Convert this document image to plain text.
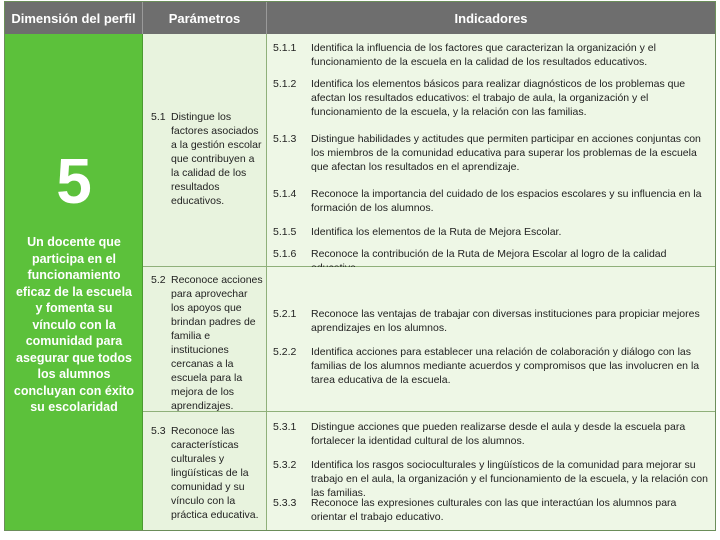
Dimensión del perfil	Parámetros	Indicadores
5
Un docente que participa en el funcionamiento eficaz de la escuela y fomenta su vínculo con la comunidad para asegurar que todos los alumnos concluyan con éxito su escolaridad
5.1 Distingue los factores asociados a la gestión escolar que contribuyen a la calidad de los resultados educativos.
5.1.1 Identifica la influencia de los factores que caracterizan la organización y el funcionamiento de la escuela en la calidad de los resultados educativos.
5.1.2 Identifica los elementos básicos para realizar diagnósticos de los problemas que afectan los resultados educativos: el trabajo de aula, la organización y el funcionamiento de la escuela, y la relación con las familias.
5.1.3 Distingue habilidades y actitudes que permiten participar en acciones conjuntas con los miembros de la comunidad educativa para superar los problemas de la escuela que afectan los resultados en el aprendizaje.
5.1.4 Reconoce la importancia del cuidado de los espacios escolares y su influencia en la formación de los alumnos.
5.1.5 Identifica los elementos de la Ruta de Mejora Escolar.
5.1.6 Reconoce la contribución de la Ruta de Mejora Escolar al logro de la calidad
5.2 Reconoce acciones para aprovechar los apoyos que brindan padres de familia e instituciones cercanas a la escuela para la mejora de los aprendizajes.
5.2.1 Reconoce las ventajas de trabajar con diversas instituciones para propiciar mejores aprendizajes en los alumnos.
5.2.2 Identifica acciones para establecer una relación de colaboración y diálogo con las familias de los alumnos mediante acuerdos y compromisos que las involucren en la tarea educativa de la escuela.
5.3 Reconoce las características culturales y lingüísticas de la comunidad y su vínculo con la práctica educativa.
5.3.1 Distingue acciones que pueden realizarse desde el aula y desde la escuela para fortalecer la identidad cultural de los alumnos.
5.3.2 Identifica los rasgos socioculturales y lingüísticos de la comunidad para mejorar su trabajo en el aula, la organización y el funcionamiento de la escuela, y la relación con las familias.
5.3.3 Reconoce las expresiones culturales con las que interactúan los alumnos para orientar el trabajo educativo.
